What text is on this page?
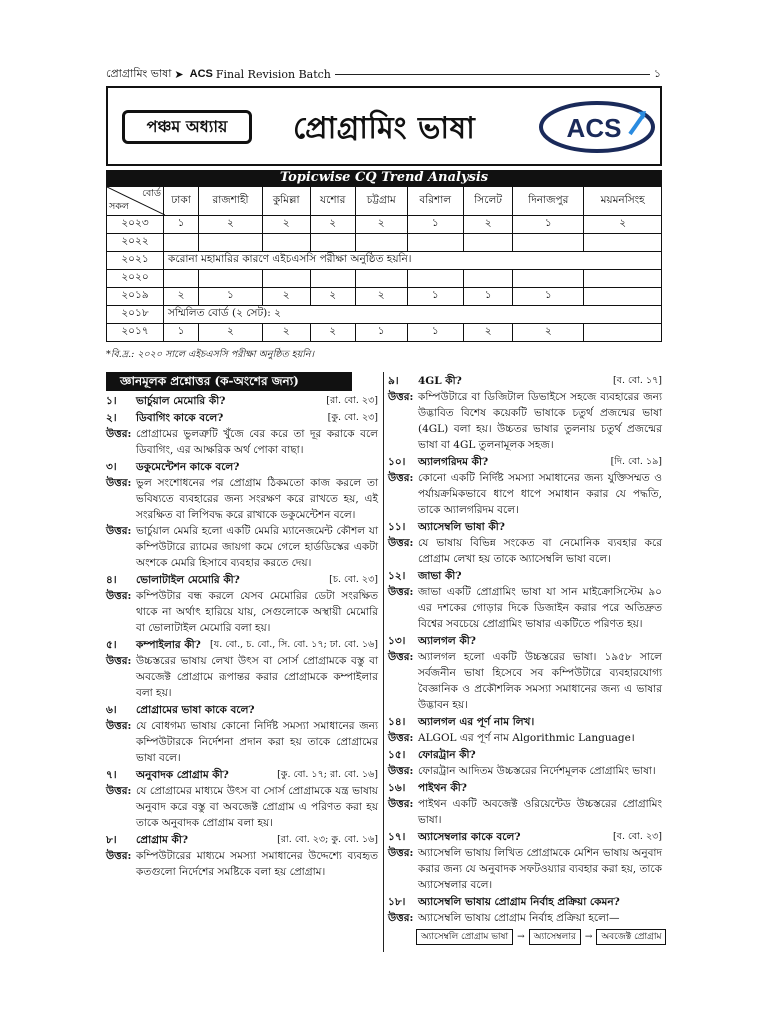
প্রোগ্রামিং ভাষা ➤ ACS Final Revision Batch	১
পঞ্চম অধ্যায়	প্রোগ্রামিং ভাষা	ACS
Topicwise CQ Trend Analysis
বোর্ড
সকল	ঢাকা	রাজশাহী	কুমিল্লা	যশোর	চট্টগ্রাম	বরিশাল	সিলেট	দিনাজপুর	ময়মনসিংহ
২০২৩	১	২	২	২	২	১	২	১	২
২০২২									
২০২১	করোনা মহামারির কারণে এইচএসসি পরীক্ষা অনুষ্ঠিত হয়নি।								
২০২০									
২০১৯	২	১	২	২	২	১	১	১	
২০১৮	সম্মিলিত বোর্ড (২ সেট): ২								
২০১৭	১	২	২	২	১	১	২	২	
*বি.দ্র.: ২০২০ সালে এইচএসসি পরীক্ষা অনুষ্ঠিত হয়নি।
জ্ঞানমূলক প্রশ্নোত্তর (ক-অংশের জন্য)
১।	ভার্চুয়াল মেমোরি কী?	[রা. বো. ২৩]
২।	ডিবাগিং কাকে বলে?	[কু. বো. ২৩]
উত্তর: প্রোগ্রামের ভুলত্রুটি খুঁজে বের করে তা দূর করাকে বলে ডিবাগিং, এর আক্ষরিক অর্থ পোকা বাছা।
৩।	ডকুমেন্টেশন কাকে বলে?
উত্তর: ভুল সংশোধনের পর প্রোগ্রাম ঠিকমতো কাজ করলে তা ভবিষ্যতে ব্যবহারের জন্য সংরক্ষণ করে রাখতে হয়, এই সংরক্ষিত বা লিপিবদ্ধ করে রাখাকে ডকুমেন্টেশন বলে।
উত্তর: ভার্চুয়াল মেমরি হলো একটি মেমরি ম্যানেজমেন্ট কৌশল যা কম্পিউটারে র‍্যামের জায়গা কমে গেলে হার্ডডিস্কের একটা অংশকে মেমরি হিসাবে ব্যবহার করতে দেয়।
৪।	ভোলাটাইল মেমোরি কী?	[চ. বো. ২৩]
উত্তর: কম্পিউটার বন্ধ করলে যেসব মেমোরির ডেটা সংরক্ষিত থাকে না অর্থাৎ হারিয়ে যায়, সেগুলোকে অস্থায়ী মেমোরি বা ভোলাটাইল মেমোরি বলা হয়।
৫।	কম্পাইলার কী? [য. বো., চ. বো., সি. বো. ১৭; ঢা. বো. ১৬]
উত্তর: উচ্চস্তরের ভাষায় লেখা উৎস বা সোর্স প্রোগ্রামকে বস্তু বা অবজেক্ট প্রোগ্রামে রূপান্তর করার প্রোগ্রামকে কম্পাইলার বলা হয়।
৬।	প্রোগ্রামের ভাষা কাকে বলে?
উত্তর: যে বোধগম্য ভাষায় কোনো নির্দিষ্ট সমস্যা সমাধানের জন্য কম্পিউটারকে নির্দেশনা প্রদান করা হয় তাকে প্রোগ্রামের ভাষা বলে।
৭।	অনুবাদক প্রোগ্রাম কী?	[কু. বো. ১৭; রা. বো. ১৬]
উত্তর: যে প্রোগ্রামের মাধ্যমে উৎস বা সোর্স প্রোগ্রামকে যন্ত্র ভাষায় অনুবাদ করে বস্তু বা অবজেক্ট প্রোগ্রাম এ পরিণত করা হয় তাকে অনুবাদক প্রোগ্রাম বলা হয়।
৮।	প্রোগ্রাম কী?	[রা. বো. ২৩; কু. বো. ১৬]
উত্তর: কম্পিউটারের মাধ্যমে সমস্যা সমাধানের উদ্দেশ্যে ব্যবহৃত কতগুলো নির্দেশের সমষ্টিকে বলা হয় প্রোগ্রাম।
৯।	4GL কী?	[ব. বো. ১৭]
উত্তর: কম্পিউটারে বা ডিজিটাল ডিভাইসে সহজে ব্যবহারের জন্য উদ্ভাবিত বিশেষ কয়েকটি ভাষাকে চতুর্থ প্রজন্মের ভাষা (4GL) বলা হয়। উচ্চতর ভাষার তুলনায় চতুর্থ প্রজন্মের ভাষা বা 4GL তুলনামূলক সহজ।
১০।	অ্যালগরিদম কী?	[দি. বো. ১৯]
উত্তর: কোনো একটি নির্দিষ্ট সমস্যা সমাধানের জন্য যুক্তিসম্মত ও পর্যায়ক্রমিকভাবে ধাপে ধাপে সমাধান করার যে পদ্ধতি, তাকে অ্যালগরিদম বলে।
১১।	অ্যাসেম্বলি ভাষা কী?
উত্তর: যে ভাষায় বিভিন্ন সংকেত বা নেমোনিক ব্যবহার করে প্রোগ্রাম লেখা হয় তাকে অ্যাসেম্বলি ভাষা বলে।
১২।	জাভা কী?
উত্তর: জাভা একটি প্রোগ্রামিং ভাষা যা সান মাইক্রোসিস্টেম ৯০ এর দশকের গোড়ার দিকে ডিজাইন করার পরে অতিদ্রুত বিশ্বের সবচেয়ে প্রোগ্রামিং ভাষার একটিতে পরিণত হয়।
১৩।	অ্যালগল কী?
উত্তর: অ্যালগল হলো একটি উচ্চস্তরের ভাষা। ১৯৫৮ সালে সর্বজনীন ভাষা হিসেবে সব কম্পিউটারে ব্যবহারযোগ্য বৈজ্ঞানিক ও প্রকৌশলিক সমস্যা সমাধানের জন্য এ ভাষার উদ্ভাবন হয়।
১৪।	অ্যালগল এর পূর্ণ নাম লিখ।
উত্তর: ALGOL এর পূর্ণ নাম Algorithmic Language।
১৫।	ফোরট্রান কী?
উত্তর: ফোরট্রান আদিতম উচ্চস্তরের নির্দেশমূলক প্রোগ্রামিং ভাষা।
১৬।	পাইথন কী?
উত্তর: পাইথন একটি অবজেক্ট ওরিয়েন্টেড উচ্চস্তরের প্রোগ্রামিং ভাষা।
১৭।	অ্যাসেম্বলার কাকে বলে?	[ব. বো. ২৩]
উত্তর: অ্যাসেম্বলি ভাষায় লিখিত প্রোগ্রামকে মেশিন ভাষায় অনুবাদ করার জন্য যে অনুবাদক সফটওয়্যার ব্যবহার করা হয়, তাকে অ্যাসেম্বলার বলে।
১৮।	অ্যাসেম্বলি ভাষায় প্রোগ্রাম নির্বাহ প্রক্রিয়া কেমন?
উত্তর: অ্যাসেম্বলি ভাষায় প্রোগ্রাম নির্বাহ প্রক্রিয়া হলো—
অ্যাসেম্বলি প্রোগ্রাম ভাষা	→	অ্যাসেম্বলার	→	অবজেক্ট প্রোগ্রাম
